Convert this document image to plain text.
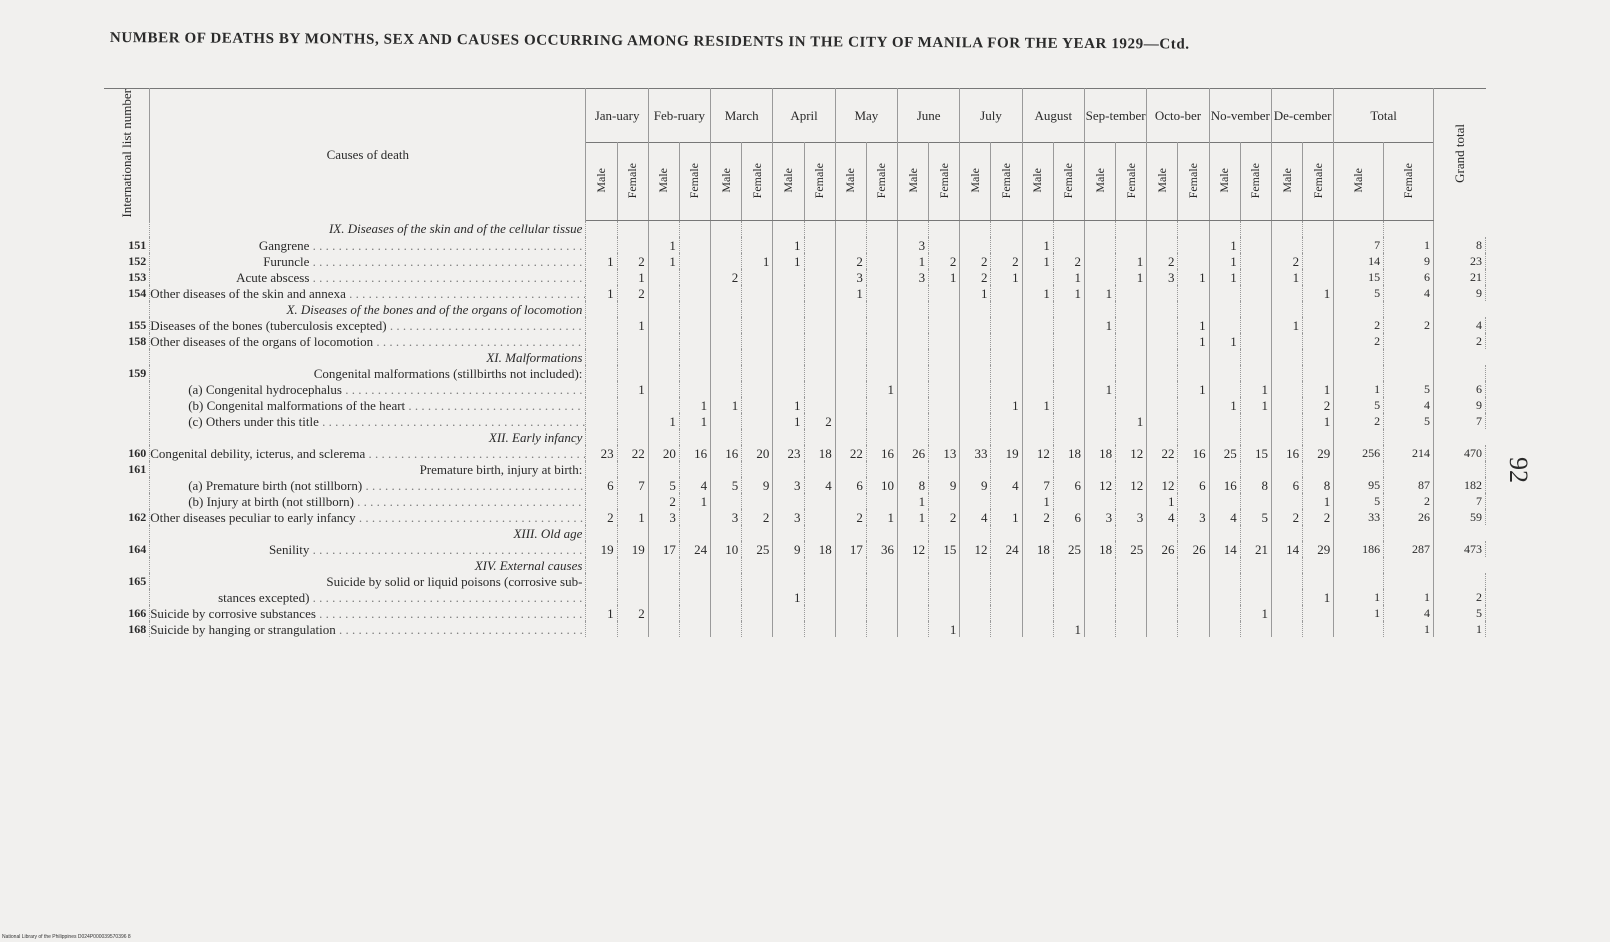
NUMBER OF DEATHS BY MONTHS, SEX AND CAUSES OCCURRING AMONG RESIDENTS IN THE CITY OF MANILA FOR THE YEAR 1929—Ctd.
International list number	Causes of death	Jan-uary		Feb-ruary		March		April		May		June		July		August		Sep-tember		Octo-ber		No-vember		De-cember		Total		Grand total
		Male	Female	Male	Female	Male	Female	Male	Female	Male	Female	Male	Female	Male	Female	Male	Female	Male	Female	Male	Female	Male	Female	Male	Female	Male	Female	
	IX. Diseases of the skin and of the cellular tissue																											
151	Gangrene . . .			1				1				3				1						1				7	1	8
152	Furuncle . . .	1	2	1			1	1		2		1	2	2	2	1	2		1	2		1		2		14	9	23
153	Acute abscess . . .		1			2				3		3	1	2	1		1		1	3	1	1		1		15	6	21
154	Other diseases of the skin and annexa . . .	1	2							1				1		1	1	1							1	5	4	9
	X. Diseases of the bones and of the organs of locomotion																											
155	Diseases of the bones (tuberculosis excepted) . . .		1															1			1			1		2	2	4
158	Other diseases of the organs of locomotion . . .																				1	1				2		2
	XI. Malformations																											
159	Congenital malformations (stillbirths not included):																											
	(a) Congenital hydrocephalus . . .		1								1							1			1		1		1	1	5	6
	(b) Congenital malformations of the heart . . .				1	1		1							1	1						1	1		2	5	4	9
	(c) Others under this title . . .			1	1			1	2										1						1	2	5	7
	XII. Early infancy																											
160	Congenital debility, icterus, and sclerema . . .	23	22	20	16	16	20	23	18	22	16	26	13	33	19	12	18	18	12	22	16	25	15	16	29	256	214	470
161	Premature birth, injury at birth:																											
	(a) Premature birth (not stillborn) . . .	6	7	5	4	5	9	3	4	6	10	8	9	9	4	7	6	12	12	12	6	16	8	6	8	95	87	182
	(b) Injury at birth (not stillborn) . . .			2	1							1				1				1					1	5	2	7
162	Other diseases peculiar to early infancy . . .	2	1	3		3	2	3		2	1	1	2	4	1	2	6	3	3	4	3	4	5	2	2	33	26	59
	XIII. Old age																											
164	Senility . . .	19	19	17	24	10	25	9	18	17	36	12	15	12	24	18	25	18	25	26	26	14	21	14	29	186	287	473
	XIV. External causes																											
165	Suicide by solid or liquid poisons (corrosive sub-																											
	stances excepted) . . .							1																	1	1	1	2
166	Suicide by corrosive substances . . .	1	2																				1			1	4	5
168	Suicide by hanging or strangulation . . .												1				1										1	1
92
National Library of the Philippines D024P000039570396 8
